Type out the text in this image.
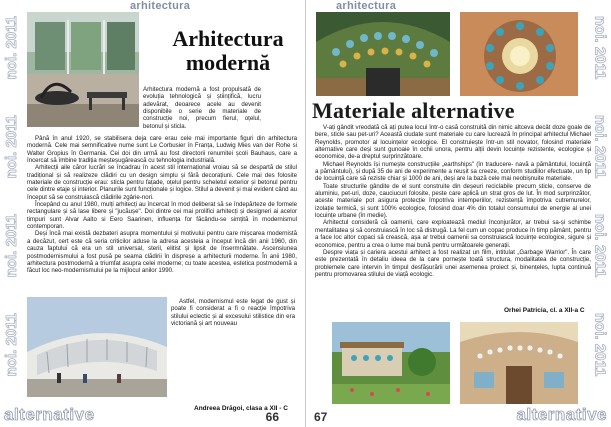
arhitectura
noi. 2011
noi. 2011
noi. 2011
noi. 2011
Arhitectura
modernă

Arhitectura modernă a fost propulsată de evoluția tehnologică și științifică, lucru adevărat, deoarece acele au devenit disponibile o serie de materiale de construcție noi, precum fierul, oțelul, betonul și sticla.

Până în anul 1920, se stabilisera deja care erau cele mai importante figuri din arhitectura modernă. Cele mai semnificative nume sunt Le Corbusier în Franța, Ludwig Mies van der Rohe si Walter Gropius în Germania. Cei doi din urmă au fost directorii renumitei școli Bauhaus, care a încercat să îmbine tradiția meșteșugărească cu tehnologia industrială.

Arhitecții aile căror lucrări se încadrau în acest stil internațional vroiau să se despartă de stilul tradițional și să realizeze clădiri cu un design simplu și fără decorațiuni. Cele mai des folosite materiale de construcție erau: sticla pentru fațade, oțelul pentru scheletul exterior și betonul pentru cele dintre etaje și interior. Planurile sunt funcționale și logice. Stilul a devenit și mai evident când au început să se construiască clădirile zgârie-nori.

Începând cu anul 1980, mulți arhitecți au încercat în mod deliberat să se îndepărteze de formele rectangulare și să lase libere și "jucăușe". Doi dintre cei mai prolifici arhitecți și designeri ai acelor timpuri sunt Alvar Aalto si Eero Saarinen, influența for făcându-se simțită în modernismul contemporan.

Deși încă mai există dezbateri asupra momentului și motivului pentru care mișcarea modernistă a decăzut, cert este că seria criticilor aduse la adresa acesteia a început încă din anii 1960, din cauza faptului că era un stil universal, steril, elitist și lipsit de înserm​nătate. Ascensiunea postmodernismului a fost pusă pe seama clădirii în dispreșe a arhitecturii moderne. În anii 1980, arhitectura postmodernă a triumfat asupra celei moderne; cu toate acestea, estetica postmodernă a făcut loc neo-modernismului pe la mijlocul anilor 1990.

Astfel, modernismul este legat de gust și poate fi considerat a fi o reacție împotriva stilului eclectic și al excesului stilistice din era victoriană și art nouveau

Andreea Drăgoi, clasa a XII - C
alternative	66
arhitectura
noi. 2011
noi. 2011
noi. 2011
noi. 2011
Materiale alternative

V-ați gândit vreodată că ați putea locui într-o casă construită din nimic altceva decât doze goale de bere, sticle sau pet-uri? Această ciudate sunt materiale cu care lucrează în principal arhitectul Michael Reynolds, promotor al locuințelor ecologice. El construiește într-un stil novator, folosind materiale alternative care deși sunt gunoaie în ochii unora, pentru alții devin locuințe rezistente, ecologice și economice, de-a dreptul surprinzătoare.

Michael Reynolds își numește construcțiile „earthships" (în traducere- navă a pământului, locuință a pământului), și după 35 de ani de experimente a reușit sa creeze, conform studiilor efectuate, un tip de locuință care să reziste chiar și 1000 de ani, deși are la bază cele mai neobișnuite materiale.

Toate structurile gândite de el sunt construite din deșeuri reciclabile precum sticle, conserve de aluminiu, pet-uri, doze, cauciucuri folosite, peste care aplică un strat gros de lut. În mod surprinzător, aceste materiale pot asigura protecție împotriva intemperiilor, rezistență împotriva cutremurelor, izolație termică, și sunt 100% ecologice, folosind doar 4% din totalul consumului de energie al unei locuințe urbane (în medie).

Arhitectul consideră că oamenii, care exploatează mediul înconjurător, ar trebui sa-și schimbe mentalitatea și să construiască în loc să distrugă. La fel cum un copac produce în timp pământ, pentru a face loc altor copaci să crească, așa ar trebui oamenii sa construiască locuințe ecologice, sigure și economice, pentru a crea o lume mai bună pentru următoarele generații.

Despre viața și cariera acestui arhitect a fost realizat un film, intitulat „Garbage Warrior". În care este prezentată în detaliu ideea de la care pornește toată structura, modalitatea de construcție, problemele care intervin în timpul desfășurării unei asemenea proiect și, binențeles, lupta continuă pentru promovarea stilului de viață ecologic.

Orhei Patricia, cl. a XII-a C
alternative
67
